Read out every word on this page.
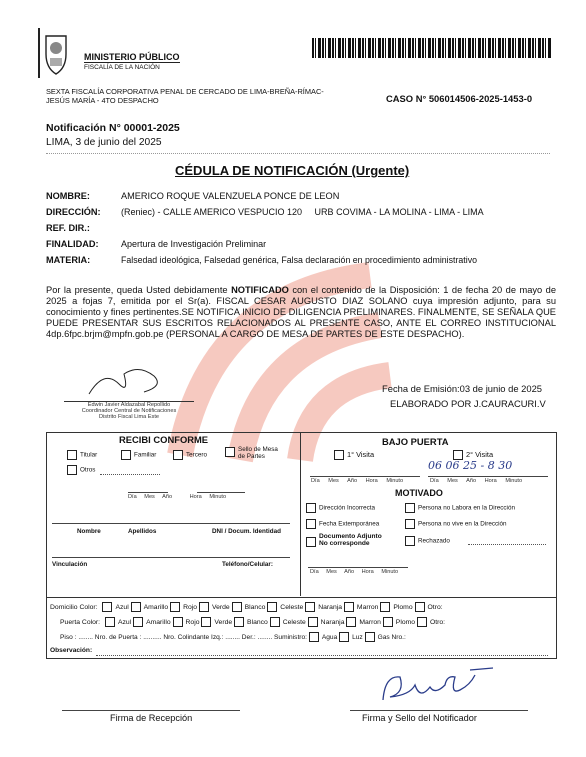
MINISTERIO PÚBLICO
FISCALÍA DE LA NACIÓN
SEXTA FISCALÍA CORPORATIVA PENAL DE CERCADO DE LIMA-BREÑA-RÍMAC-JESÚS MARÍA - 4TO DESPACHO	CASO N° 506014506-2025-1453-0
Notificación N° 00001-2025
LIMA, 3 de junio del 2025
CÉDULA DE NOTIFICACIÓN (Urgente)
NOMBRE:	AMERICO ROQUE VALENZUELA PONCE DE LEON
DIRECCIÓN:	(Reniec) - CALLE AMERICO VESPUCIO 120     URB COVIMA - LA MOLINA - LIMA - LIMA
REF. DIR.:
FINALIDAD:	Apertura de Investigación Preliminar
MATERIA:	Falsedad ideológica, Falsedad genérica, Falsa declaración en procedimiento administrativo
Por la presente, queda Usted debidamente NOTIFICADO con el contenido de la Disposición: 1 de fecha 20 de mayo de 2025 a fojas 7, emitida por el Sr(a). FISCAL CESAR AUGUSTO DIAZ SOLANO cuya impresión adjunto, para su conocimiento y fines pertinentes.SE NOTIFICA INICIO DE DILIGENCIA PRELIMINARES. FINALMENTE, SE SEÑALA QUE PUEDE PRESENTAR SUS ESCRITOS RELACIONADOS AL PRESENTE CASO, ANTE EL CORREO INSTITUCIONAL 4dp.6fpc.brjm@mpfn.gob.pe (PERSONAL A CARGO DE MESA DE PARTES DE ESTE DESPACHO).
Edwin Javier Aldazabal Repollido
Coordinador Central de Notificaciones
Distrito Fiscal Lima Este
Fecha de Emisión:03 de junio de 2025
ELABORADO POR J.CAURACURI.V
RECIBI CONFORME
Titular	Familiar	Tercero
Sello de Mesa de Partes
Otros
Día Mes Año	Hora Minuto
Nombre	Apellidos	DNI / Docum. Identidad
Vinculación	Teléfono/Celular:
BAJO PUERTA
1° Visita	2° Visita
Día Mes Año Hora Minuto
06 06 25 - 8 30
Día Mes Año Hora Minuto
MOTIVADO
Dirección Incorrecta	Persona no Labora en la Dirección
Fecha Extemporánea	Persona no vive en la Dirección
Documento Adjunto No corresponde	Rechazado
Día Mes Año Hora Minuto
Domicilio Color:	Azul Amarillo Rojo Verde Blanco Celeste Naranja Marron Plomo Otro:
Puerta Color:	Azul Amarillo Rojo Verde Blanco Celeste Naranja Marron Plomo Otro:
Piso : ........ Nro. de Puerta : .......... Nro. Colindante Izq.: ........ Der.: ........ Suministro: Agua Luz Gas Nro.:
Observación:
Firma de Recepción	Firma y Sello del Notificador
